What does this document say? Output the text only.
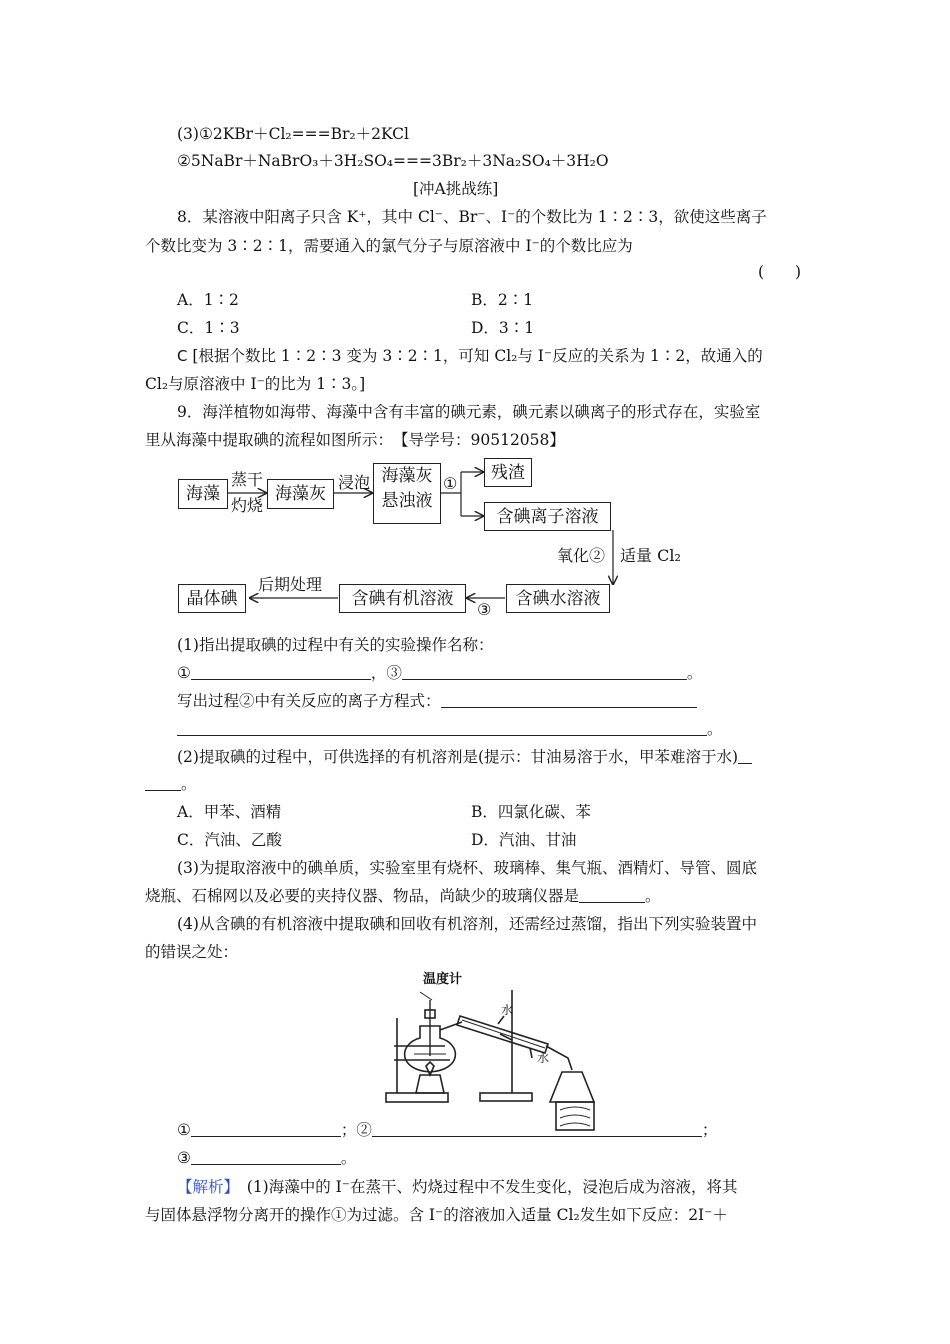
(3)①2KBr＋Cl₂===Br₂＋2KCl
②5NaBr＋NaBrO₃＋3H₂SO₄===3Br₂＋3Na₂SO₄＋3H₂O
[冲A挑战练]
8．某溶液中阳离子只含 K⁺，其中 Cl⁻、Br⁻、I⁻的个数比为 1∶2∶3，欲使这些离子
个数比变为 3∶2∶1，需要通入的氯气分子与原溶液中 I⁻的个数比应为
(　　)
A．1∶2	B．2∶1
C．1∶3	D．3∶1
C [根据个数比 1∶2∶3 变为 3∶2∶1，可知 Cl₂与 I⁻反应的关系为 1∶2，故通入的
Cl₂与原溶液中 I⁻的比为 1∶3。]
9．海洋植物如海带、海藻中含有丰富的碘元素，碘元素以碘离子的形式存在，实验室
里从海藻中提取碘的流程如图所示：　【导学号：90512058】
海藻
蒸干
灼烧
海藻灰
浸泡 海藻灰
悬浊液
①
残渣
含碘离子溶液
氧化② 适量 Cl₂
含碘水溶液
③
含碘有机溶液
后期处理
晶体碘
(1)指出提取碘的过程中有关的实验操作名称：
①	，③	。
写出过程②中有关反应的离子方程式：
。
(2)提取碘的过程中，可供选择的有机溶剂是(提示：甘油易溶于水，甲苯难溶于水)
。
A．甲苯、酒精	B．四氯化碳、苯
C．汽油、乙酸	D．汽油、甘油
(3)为提取溶液中的碘单质，实验室里有烧杯、玻璃棒、集气瓶、酒精灯、导管、圆底
烧瓶、石棉网以及必要的夹持仪器、物品，尚缺少的玻璃仪器是	。
(4)从含碘的有机溶液中提取碘和回收有机溶剂，还需经过蒸馏，指出下列实验装置中
的错误之处：
温度计
水
水
①	；②	；
③	。
【解析】　(1)海藻中的 I⁻在蒸干、灼烧过程中不发生变化，浸泡后成为溶液，将其
与固体悬浮物分离开的操作①为过滤。含 I⁻的溶液加入适量 Cl₂发生如下反应：2I⁻＋
